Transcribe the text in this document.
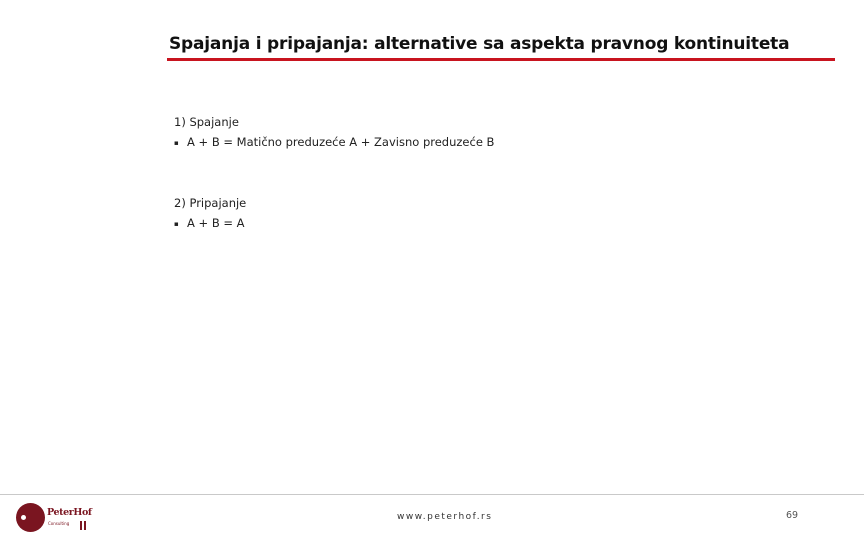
Spajanja i pripajanja: alternative sa aspekta pravnog kontinuiteta
1) Spajanje
▪ A + B = Matično preduzeće A + Zavisno preduzeće B
2) Pripajanje
▪ A + B = A
PeterHof
Consulting
www.peterhof.rs	69
